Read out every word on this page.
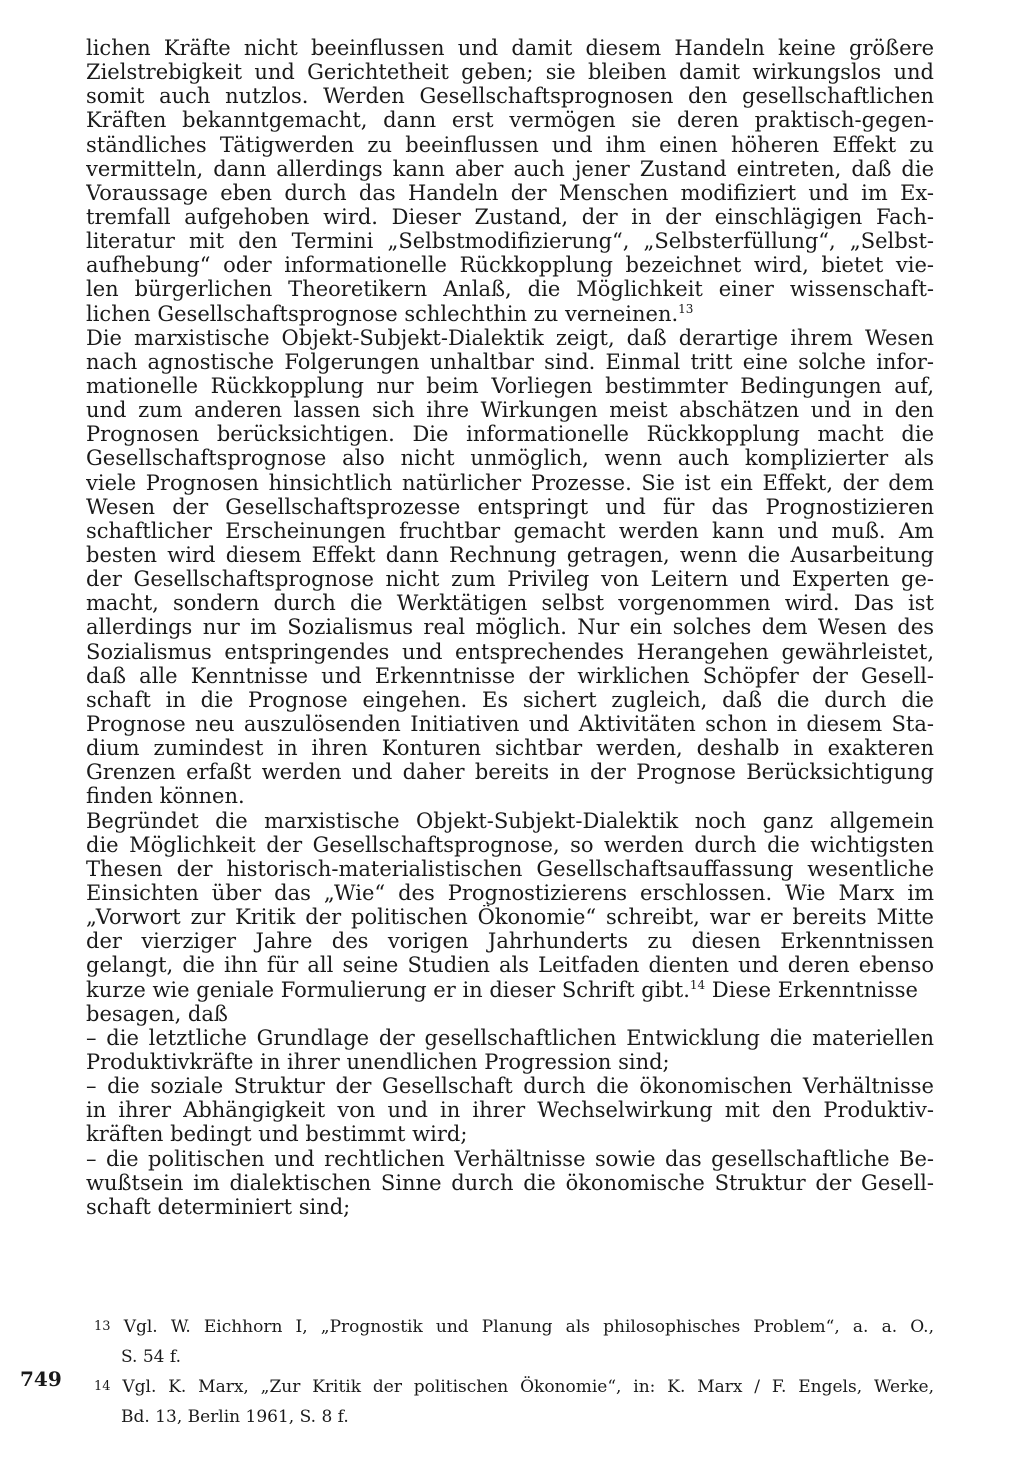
lichen Kräfte nicht beeinflussen und damit diesem Handeln keine größere
Zielstrebigkeit und Gerichtetheit geben; sie bleiben damit wirkungslos und
somit auch nutzlos. Werden Gesellschaftsprognosen den gesellschaftlichen
Kräften bekanntgemacht, dann erst vermögen sie deren praktisch-gegen-
ständliches Tätigwerden zu beeinflussen und ihm einen höheren Effekt zu
vermitteln, dann allerdings kann aber auch jener Zustand eintreten, daß die
Voraussage eben durch das Handeln der Menschen modifiziert und im Ex-
tremfall aufgehoben wird. Dieser Zustand, der in der einschlägigen Fach-
literatur mit den Termini „Selbstmodifizierung“, „Selbsterfüllung“, „Selbst-
aufhebung“ oder informationelle Rückkopplung bezeichnet wird, bietet vie-
len bürgerlichen Theoretikern Anlaß, die Möglichkeit einer wissenschaft-
lichen Gesellschaftsprognose schlechthin zu verneinen.$^{13}$
Die marxistische Objekt-Subjekt-Dialektik zeigt, daß derartige ihrem Wesen
nach agnostische Folgerungen unhaltbar sind. Einmal tritt eine solche infor-
mationelle Rückkopplung nur beim Vorliegen bestimmter Bedingungen auf,
und zum anderen lassen sich ihre Wirkungen meist abschätzen und in den
Prognosen berücksichtigen. Die informationelle Rückkopplung macht die
Gesellschaftsprognose also nicht unmöglich, wenn auch komplizierter als
viele Prognosen hinsichtlich natürlicher Prozesse. Sie ist ein Effekt, der dem
Wesen der Gesellschaftsprozesse entspringt und für das Prognostizieren
schaftlicher Erscheinungen fruchtbar gemacht werden kann und muß. Am
besten wird diesem Effekt dann Rechnung getragen, wenn die Ausarbeitung
der Gesellschaftsprognose nicht zum Privileg von Leitern und Experten ge-
macht, sondern durch die Werktätigen selbst vorgenommen wird. Das ist
allerdings nur im Sozialismus real möglich. Nur ein solches dem Wesen des
Sozialismus entspringendes und entsprechendes Herangehen gewährleistet,
daß alle Kenntnisse und Erkenntnisse der wirklichen Schöpfer der Gesell-
schaft in die Prognose eingehen. Es sichert zugleich, daß die durch die
Prognose neu auszulösenden Initiativen und Aktivitäten schon in diesem Sta-
dium zumindest in ihren Konturen sichtbar werden, deshalb in exakteren
Grenzen erfaßt werden und daher bereits in der Prognose Berücksichtigung
finden können.
Begründet die marxistische Objekt-Subjekt-Dialektik noch ganz allgemein
die Möglichkeit der Gesellschaftsprognose, so werden durch die wichtigsten
Thesen der historisch-materialistischen Gesellschaftsauffassung wesentliche
Einsichten über das „Wie“ des Prognostizierens erschlossen. Wie Marx im
„Vorwort zur Kritik der politischen Ökonomie“ schreibt, war er bereits Mitte
der vierziger Jahre des vorigen Jahrhunderts zu diesen Erkenntnissen
gelangt, die ihn für all seine Studien als Leitfaden dienten und deren ebenso
kurze wie geniale Formulierung er in dieser Schrift gibt.$^{14}$ Diese Erkenntnisse
besagen, daß
– die letztliche Grundlage der gesellschaftlichen Entwicklung die materiellen
Produktivkräfte in ihrer unendlichen Progression sind;
– die soziale Struktur der Gesellschaft durch die ökonomischen Verhältnisse
in ihrer Abhängigkeit von und in ihrer Wechselwirkung mit den Produktiv-
kräften bedingt und bestimmt wird;
– die politischen und rechtlichen Verhältnisse sowie das gesellschaftliche Be-
wußtsein im dialektischen Sinne durch die ökonomische Struktur der Gesell-
schaft determiniert sind;
13 Vgl. W. Eichhorn I, „Prognostik und Planung als philosophisches Problem“, a. a. O.,
S. 54 f.
14 Vgl. K. Marx, „Zur Kritik der politischen Ökonomie“, in: K. Marx / F. Engels, Werke,
Bd. 13, Berlin 1961, S. 8 f.
749
